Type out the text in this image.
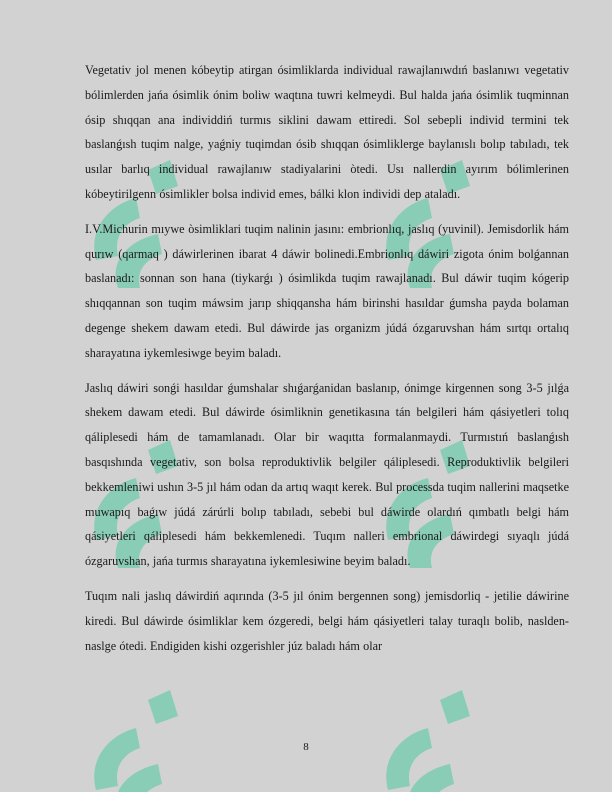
Vegetativ jol menen kóbeytip atirgan ósimliklarda individual rawajlanıwdıń baslanıwı vegetativ bólimlerden jańa ósimlik ónim boliw waqtına tuwri kelmeydi. Bul halda jańa ósimlik tuqminnan ósip shıqqan ana individdiń turmıs siklini dawam ettiredi. Sol sebepli individ termini tek baslanǵısh tuqim nalge, yaǵniy tuqimdan ósib shıqqan ósimliklerge baylanıslı bolıp tabıladı, tek usılar barlıq individual rawajlanıw stadiyalarini òtedi. Usı nallerdin ayırım bólimlerinen kóbeytirilgenn ósimlikler bolsa individ emes, bálki klon individi dep ataladı.

I.V.Michurin mıywe òsimliklari tuqim nalinin jasını: embrionlıq, jaslıq (yuvinil). Jemisdorlik hám qurıw (qarmaq ) dáwirlerinen ibarat 4 dáwir bolinedi.Embrionlıq dáwiri zigota ónim bolǵannan baslanadı: sonnan son hana (tiykarǵı ) ósimlikda tuqim rawajlanadı. Bul dáwir tuqim kógerip shıqqannan son tuqim máwsim jarıp shiqqansha hám birinshi hasıldar ǵumsha payda bolaman degenge shekem dawam etedi. Bul dáwirde jas organizm júdá ózgaruvshan hám sırtqı ortalıq sharayatına iykemlesiwge beyim baladı.

Jaslıq dáwiri sonǵi hasıldar ǵumshalar shıǵarǵanidan baslanıp, ónimge kirgennen song 3-5 jılǵa shekem dawam etedi. Bul dáwirde ósimliknin genetikasına tán belgileri hám qásiyetleri tolıq qáliplesedi hám de tamamlanadı. Olar bir waqıtta formalanmaydi. Turmıstıń baslanǵısh basqıshında vegetativ, son bolsa reproduktivlik belgiler qáliplesedi. Reproduktivlik belgileri bekkemleniwi ushın 3-5 jıl hám odan da artıq waqıt kerek. Bul processda tuqim nallerini maqsetke muwapıq baǵıw júdá zárúrli bolıp tabıladı, sebebi bul dáwirde olardıń qımbatlı belgi hám qásiyetleri qáliplesedi hám bekkemlenedi. Tuqım nalleri embrional dáwirdegi sıyaqlı júdá ózgaruvshan, jańa turmıs sharayatına iykemlesiwine beyim baladı.

Tuqım nali jaslıq dáwirdiń aqırında (3-5 jıl ónim bergennen song) jemisdorliq - jetilie dáwirine kiredi. Bul dáwirde ósimliklar kem ózgeredi, belgi hám qásiyetleri talay turaqlı bolib, naslden-naslge ótedi. Endigiden kishi ozgerishler júz baladı hám olar

8
